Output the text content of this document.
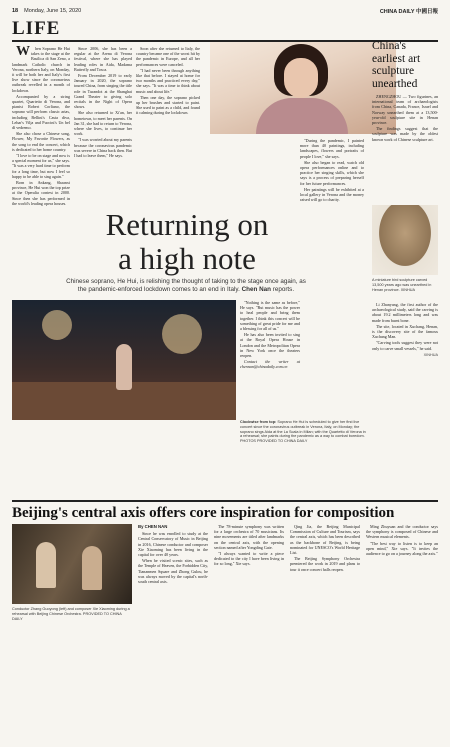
18 Monday, June 15, 2020	CHINA DAILY 中國日報
LIFE

When Soprano He Hui takes to the stage at the Basilica di San Zeno, a landmark Catholic church in Verona, northern Italy, on Monday, it will be both her and Italy's first live show since the coronavirus outbreak revelled in a month of lockdown.

Accompanied by a string quartet, Quartetto di Verona, and pianist Robert Corliano, the soprano will perform classic arias, including Bellini's Casta diva, Lehar's Vilja and Puccini's Un bel dì vedremo.

She also chose a Chinese song, Flower, My Favorite Flowers, as the song to end the concert, which is dedicated to her home country.

"I love to be on stage and now is a special moment for us," she says. "It was a very hard time to perform for a long time, but now I feel so happy to be able to sing again."

Born in Ankang, Shaanxi province, He Hui won the top prize at the Operalia contest in 2000. Since then she has performed in the world's leading opera houses.

Since 2006, she has been a regular at the Arena di Verona festival, where she has played leading roles in Aida, Madama Butterfly and Tosca.

From December 2019 to early January in 2020, the soprano toured China, from singing the title role in Turandot at the Shanghai Grand Theater to giving solo recitals in the Night of Opera shows.

She also returned to Xi'an, her hometown, to meet her parents. On Jan 31, she had to return to Verona, where she lives, to continue her work.

"I was worried about my parents because the coronavirus pandemic was severe in China back then. But I had to leave them," He says.

Soon after she returned to Italy, the country became one of the worst hit by the pandemic in Europe, and all her performances were canceled.

"I had never been through anything like that before. I stayed at home for two months and practiced every day," she says. "It was a time to think about music and about life."

Then one day, the soprano picked up her brushes and started to paint. She used to paint as a child, and found it calming during the lockdown.

"During the pandemic, I painted more than 40 paintings, including landscapes, flowers and portraits of people I love," she says.

She also began to read, watch old opera performances online and to practice her singing skills, which she says is a process of preparing herself for her future performances.

Her paintings will be exhibited at a local gallery in Verona and the money raised will go to charity.

Returning on
a high note
Chinese soprano, He Hui, is relishing the thought of taking to the stage once again, as the pandemic-enforced lockdown comes to an end in Italy. Chen Nan reports.

"Nothing is the same as before," He says. "But music has the power to heal people and bring them together. I think this concert will be something of great pride for me and a blessing for all of us."

He has also been invited to sing at the Royal Opera House in London and the Metropolitan Opera in New York once the theaters reopen.

Contact the writer at chennan@chinadaily.com.cn

Clockwise from top: Soprano He Hui is scheduled to give her first live concert since the coronavirus outbreak in Verona, Italy, on Monday; the soprano sings Aida at the La Scala in Milan; with the Quartetto di Verona in a rehearsal; she paints during the pandemic as a way to combat boredom. PHOTOS PROVIDED TO CHINA DAILY
China's earliest art sculpture unearthed

ZHENGZHOU — Two figurines, an international team of archaeologists from China, Canada, France, Israel and Norway unearthed them at a 13,500-year-old sculpture site in Henan province.

The findings suggest that the sculpture was made by the oldest known work of Chinese sculpture art.

A miniature bird sculpture carved 13,500 years ago was unearthed in Henan province. XINHUA

Li Zhanyang, the first author of the archaeological study, said the carving is about 19.2 millimeters long and was made from burnt bone.

The site, located in Xuchang, Henan, is the discovery site of the famous Xuchang Man.

"Carving tools suggest they were not only to carve small vessels," he said.

XINHUA
Beijing's central axis offers core inspiration for composition
Conductor Zhang Guoyong (left) and composer Xie Xiaoming during a rehearsal with Beijing Chinese Orchestra. PROVIDED TO CHINA DAILY
By CHEN NAN

Since he was enrolled to study at the Central Conservatory of Music in Beijing in 2016, Chinese conductor and composer Xie Xiaoming has been living in the capital for over 40 years.

When he visited scenic sites, such as the Temple of Heaven, the Forbidden City, Tiananmen Square and Zhong Gulou, he was always moved by the capital's north-south central axis.

The 78-minute symphony was written for a large orchestra of 70 musicians. Its nine movements are titled after landmarks on the central axis, with the opening section named after Yongding Gate.

"I always wanted to write a piece dedicated to the city I have been living in for so long," Xie says.

Qing Jia, the Beijing Municipal Commission of Culture and Tourism, says the central axis, which has been described as the backbone of Beijing, is being nominated for UNESCO's World Heritage List.

The Beijing Symphony Orchestra premiered the work in 2019 and plans to tour it once concert halls reopen.

Ming Zhuyuan and the conductor says the symphony is composed of Chinese and Western musical elements.

"The best way to listen is to keep an open mind," Xie says. "It invites the audience to go on a journey along the axis."
